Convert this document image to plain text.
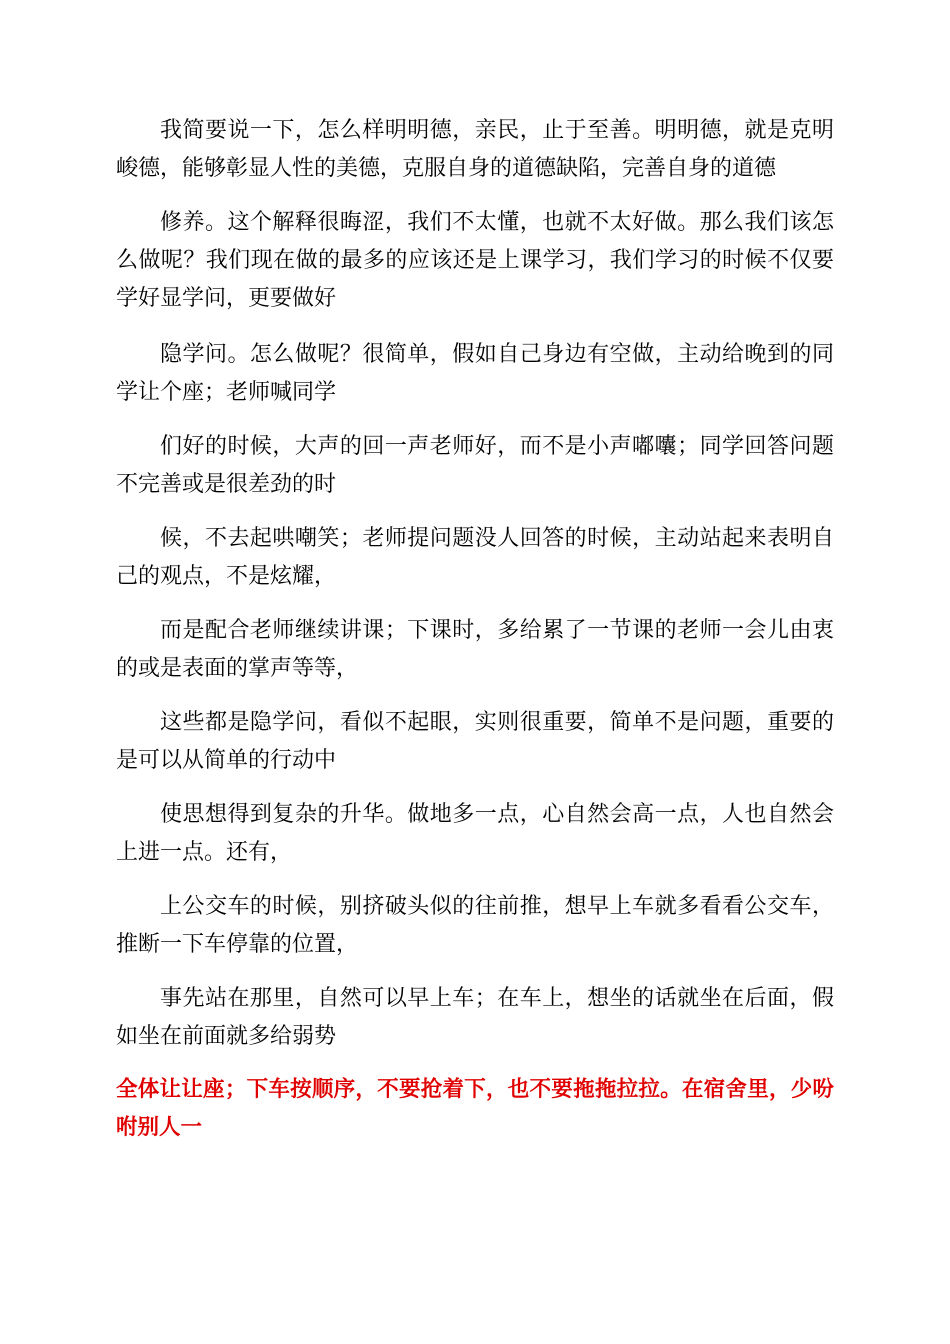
我简要说一下，怎么样明明德，亲民，止于至善。明明德，就是克明峻德，能够彰显人性的美德，克服自身的道德缺陷，完善自身的道德

修养。这个解释很晦涩，我们不太懂，也就不太好做。那么我们该怎么做呢？我们现在做的最多的应该还是上课学习，我们学习的时候不仅要学好显学问，更要做好

隐学问。怎么做呢？很简单，假如自己身边有空做，主动给晚到的同学让个座；老师喊同学

们好的时候，大声的回一声老师好，而不是小声嘟囔；同学回答问题不完善或是很差劲的时

候，不去起哄嘲笑；老师提问题没人回答的时候，主动站起来表明自己的观点，不是炫耀，

而是配合老师继续讲课；下课时，多给累了一节课的老师一会儿由衷的或是表面的掌声等等，

这些都是隐学问，看似不起眼，实则很重要，简单不是问题，重要的是可以从简单的行动中

使思想得到复杂的升华。做地多一点，心自然会高一点，人也自然会上进一点。还有，

上公交车的时候，别挤破头似的往前推，想早上车就多看看公交车，推断一下车停靠的位置，

事先站在那里，自然可以早上车；在车上，想坐的话就坐在后面，假如坐在前面就多给弱势

全体让让座；下车按顺序，不要抢着下，也不要拖拖拉拉。在宿舍里，少吩咐别人一
